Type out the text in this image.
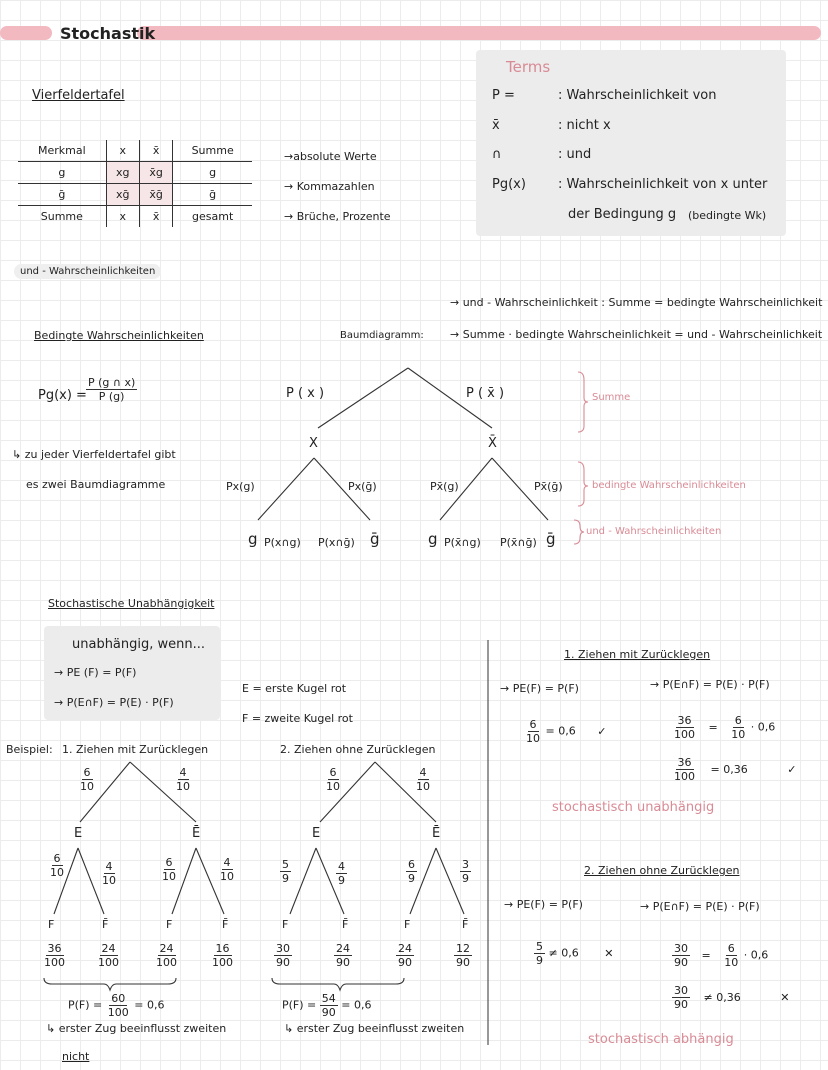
Stochastik
Terms
P =	: Wahrscheinlichkeit von
x̄	: nicht x
∩	: und
Pg(x) : Wahrscheinlichkeit von x unter
der Bedingung g (bedingte Wk)
Vierfeldertafel
Merkmal	x	x̄	Summe
g	xg	x̄g	g
ḡ	xḡ	x̄ḡ	ḡ
Summe	x	x̄	gesamt
→absolute Werte
→ Kommazahlen
→ Brüche, Prozente
und - Wahrscheinlichkeiten
→ und - Wahrscheinlichkeit : Summe = bedingte Wahrscheinlichkeit
→ Summe · bedingte Wahrscheinlichkeit = und - Wahrscheinlichkeit
Baumdiagramm:
Bedingte Wahrscheinlichkeiten
$Pg(x) = \frac{P (g \cap x)}{P (g)}$
↳ zu jeder Vierfeldertafel gibt
es zwei Baumdiagramme
P ( x )	P ( x̄ )
X	X̄
Px(g)	Px(ḡ)	Px̄(g)	Px̄(ḡ)
g P(x∩g) P(x∩ḡ) ḡ	g P(x̄∩g) P(x̄∩ḡ) ḡ
Summe
bedingte Wahrscheinlichkeiten
und - Wahrscheinlichkeiten
Stochastische Unabhängigkeit
unabhängig, wenn...
→ PE (F) = P(F)
→ P(E∩F) = P(E) · P(F)
E = erste Kugel rot
F = zweite Kugel rot
Beispiel: 1. Ziehen mit Zurücklegen	2. Ziehen ohne Zurücklegen
$\frac{6}{10}$	$\frac{4}{10}$
E	Ē
$\frac{6}{10}$	$\frac{4}{10}$	$\frac{6}{10}$	$\frac{4}{10}$
F	F̄	F	F̄
$\frac{36}{100}$	$\frac{24}{100}$	$\frac{24}{100}$	$\frac{16}{100}$
$P(F) = \frac{60}{100} = 0,6$
↳ erster Zug beeinflusst zweiten
nicht
$\frac{6}{10}$	$\frac{4}{10}$
E	Ē
$\frac{5}{9}$	$\frac{4}{9}$	$\frac{6}{9}$	$\frac{3}{9}$
F	F̄	F	F̄
$\frac{30}{90}$	$\frac{24}{90}$	$\frac{24}{90}$	$\frac{12}{90}$
$P(F) = \frac{54}{90} = 0,6$
↳ erster Zug beeinflusst zweiten
1. Ziehen mit Zurücklegen
→ PE(F) = P(F)	→ P(E∩F) = P(E) · P(F)
$\frac{6}{10} = 0,6$ ✓	$\frac{36}{100} = \frac{6}{10} \cdot 0,6$
$\frac{36}{100} = 0,36$	✓
stochastisch unabhängig
2. Ziehen ohne Zurücklegen
→ PE(F) = P(F)	→ P(E∩F) = P(E) · P(F)
$\frac{5}{9} \ne 0,6$ ✕	$\frac{30}{90} = \frac{6}{10} \cdot 0,6$
$\frac{30}{90} \ne 0,36$	✕
stochastisch abhängig
